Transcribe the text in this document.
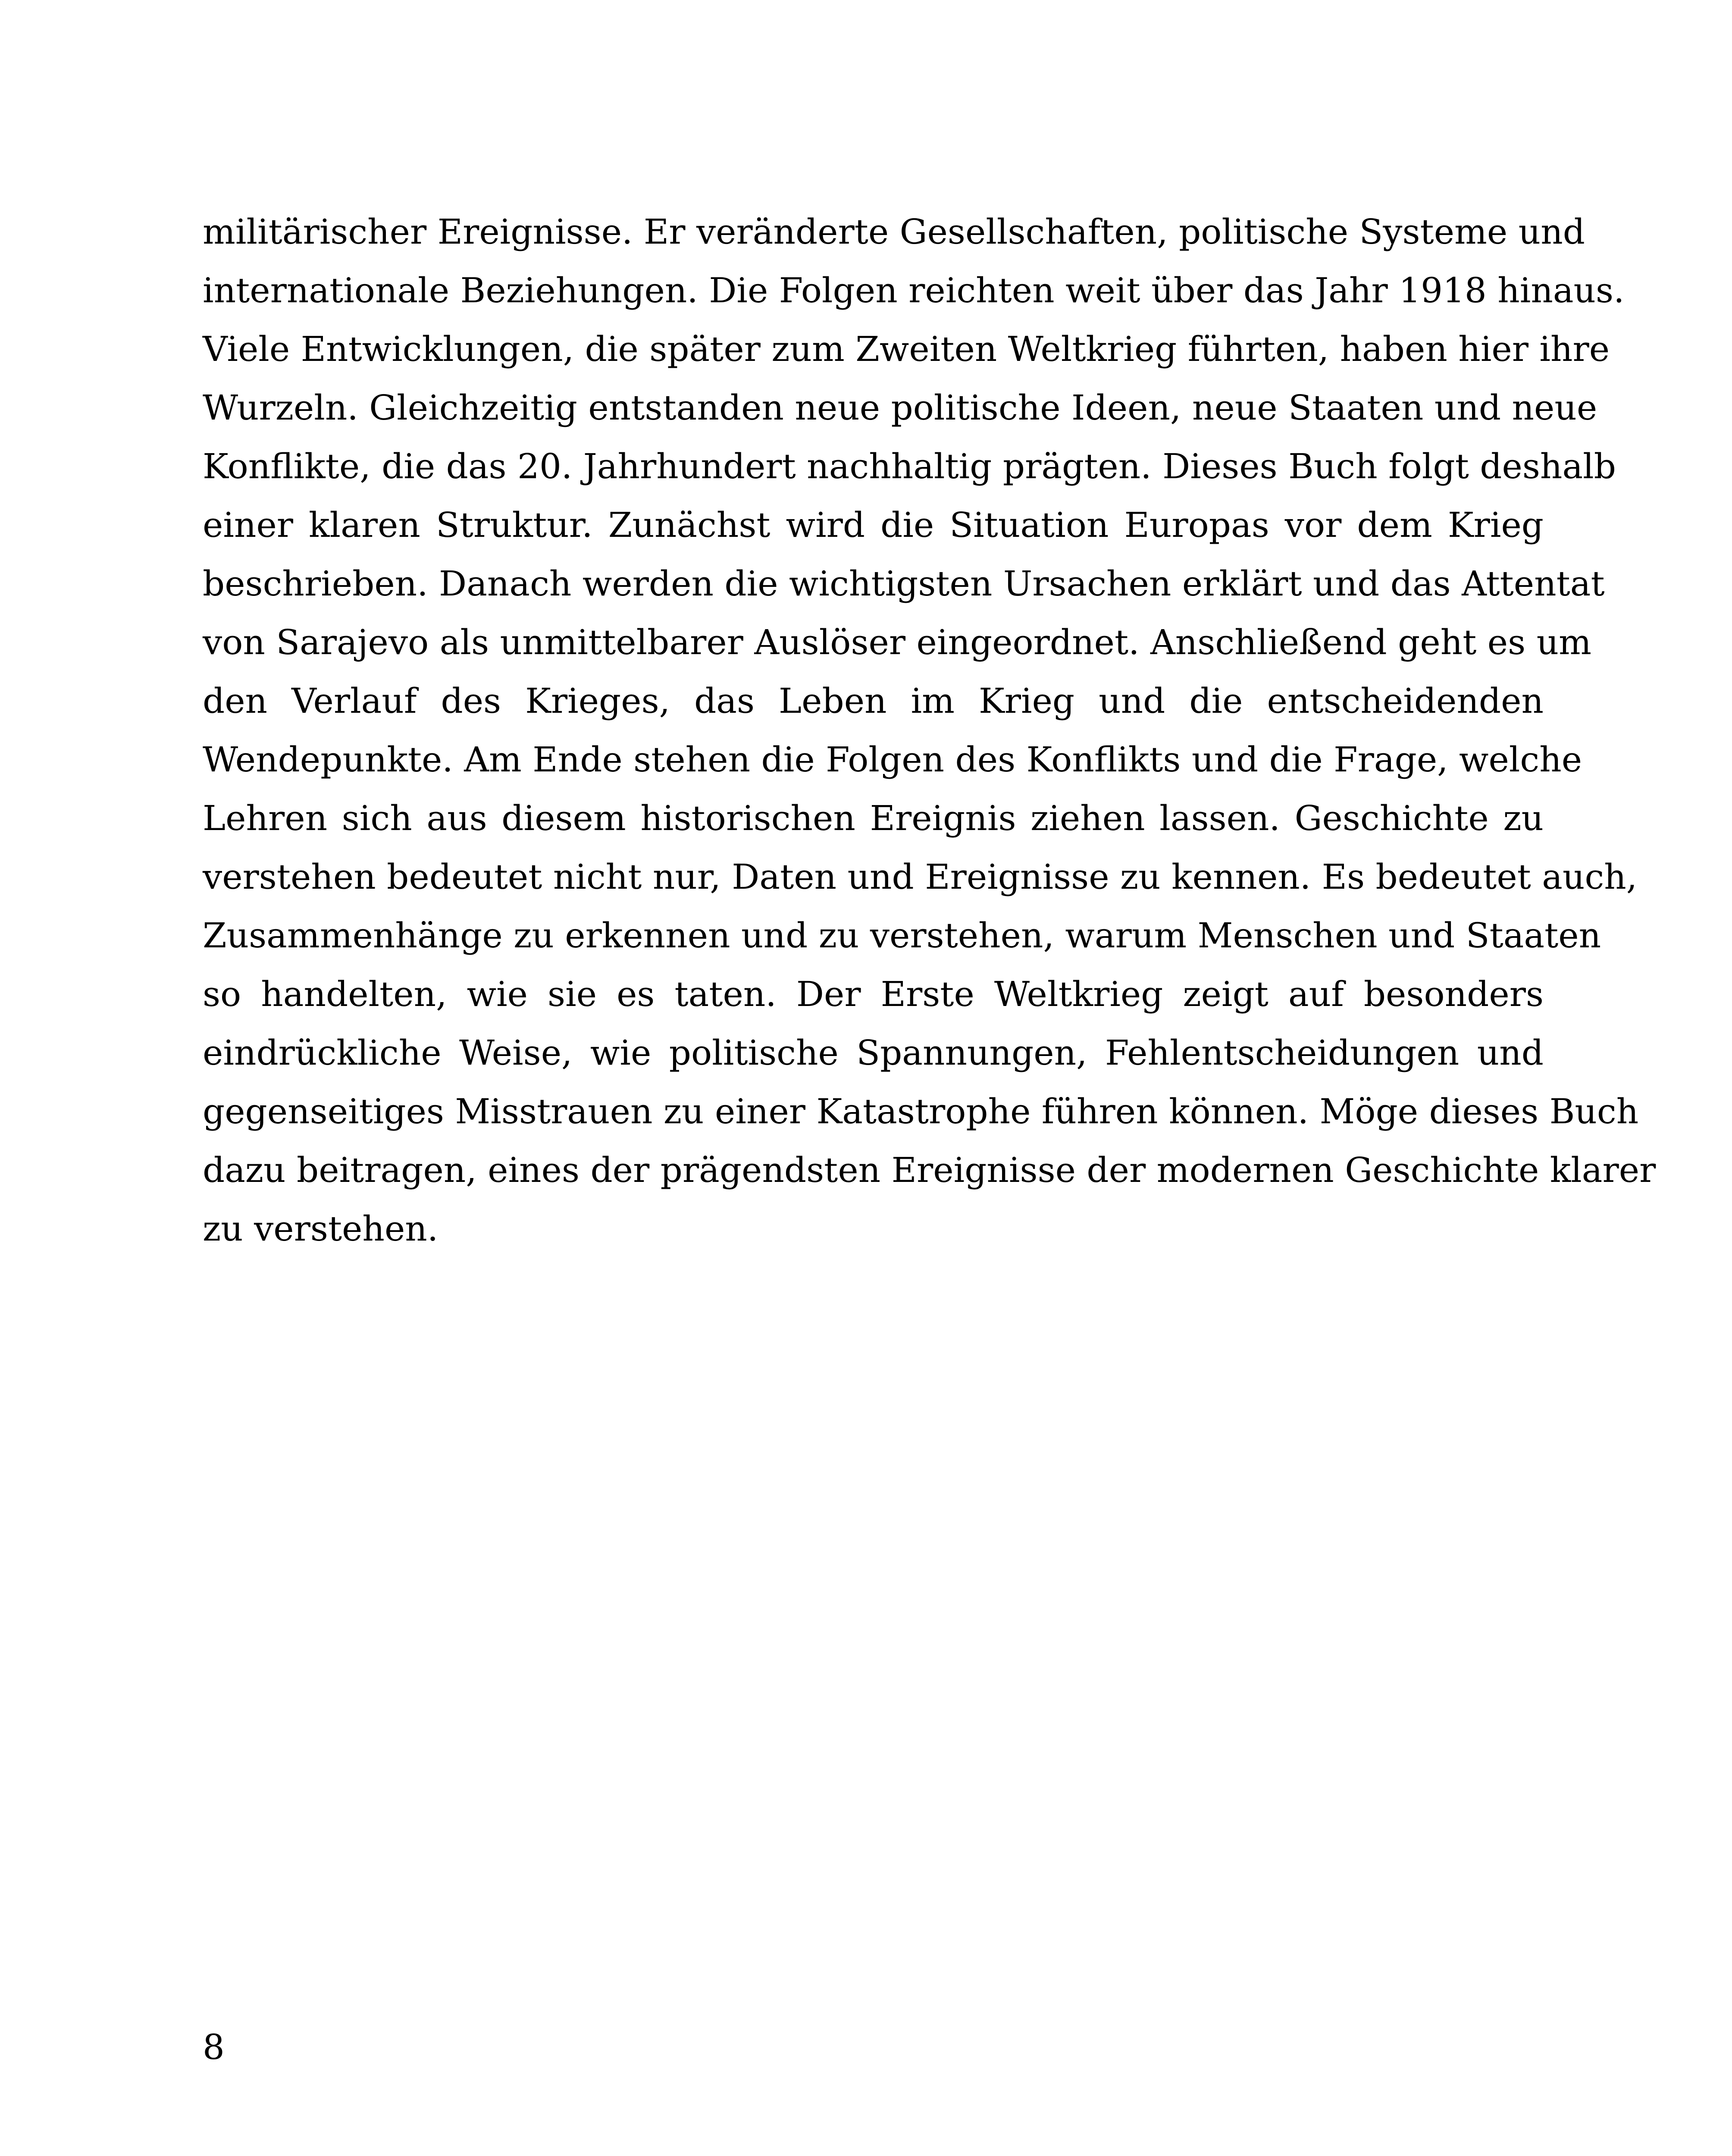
militärischer Ereignisse. Er veränderte Gesellschaften, politische Systeme und
internationale Beziehungen. Die Folgen reichten weit über das Jahr 1918 hinaus.
Viele Entwicklungen, die später zum Zweiten Weltkrieg führten, haben hier ihre
Wurzeln. Gleichzeitig entstanden neue politische Ideen, neue Staaten und neue
Konflikte, die das 20. Jahrhundert nachhaltig prägten. Dieses Buch folgt deshalb
einer klaren Struktur. Zunächst wird die Situation Europas vor dem Krieg
beschrieben. Danach werden die wichtigsten Ursachen erklärt und das Attentat
von Sarajevo als unmittelbarer Auslöser eingeordnet. Anschließend geht es um
den Verlauf des Krieges, das Leben im Krieg und die entscheidenden
Wendepunkte. Am Ende stehen die Folgen des Konflikts und die Frage, welche
Lehren sich aus diesem historischen Ereignis ziehen lassen. Geschichte zu
verstehen bedeutet nicht nur, Daten und Ereignisse zu kennen. Es bedeutet auch,
Zusammenhänge zu erkennen und zu verstehen, warum Menschen und Staaten
so handelten, wie sie es taten. Der Erste Weltkrieg zeigt auf besonders
eindrückliche Weise, wie politische Spannungen, Fehlentscheidungen und
gegenseitiges Misstrauen zu einer Katastrophe führen können. Möge dieses Buch
dazu beitragen, eines der prägendsten Ereignisse der modernen Geschichte klarer
zu verstehen.
8
